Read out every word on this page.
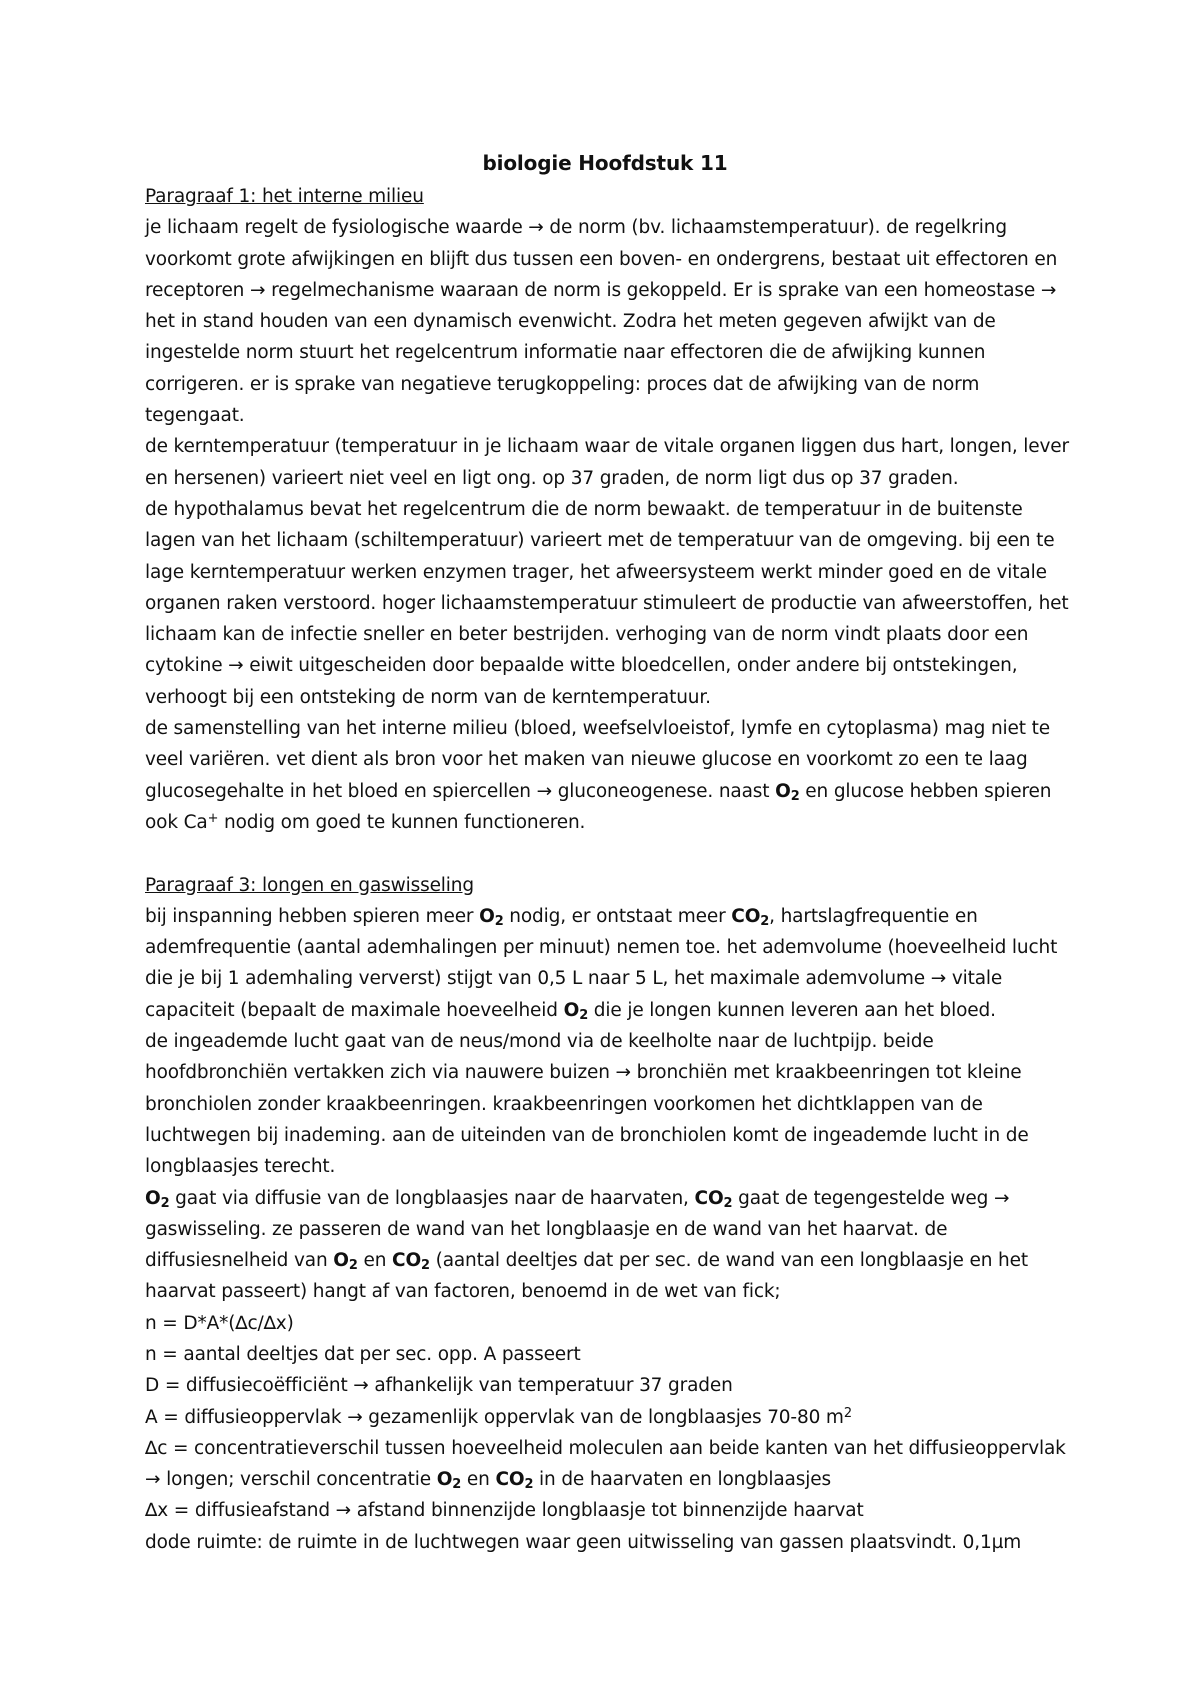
biologie Hoofdstuk 11
Paragraaf 1: het interne milieu
je lichaam regelt de fysiologische waarde → de norm (bv. lichaamstemperatuur). de regelkring
voorkomt grote afwijkingen en blijft dus tussen een boven- en ondergrens, bestaat uit effectoren en
receptoren → regelmechanisme waaraan de norm is gekoppeld. Er is sprake van een homeostase →
het in stand houden van een dynamisch evenwicht. Zodra het meten gegeven afwijkt van de
ingestelde norm stuurt het regelcentrum informatie naar effectoren die de afwijking kunnen
corrigeren. er is sprake van negatieve terugkoppeling: proces dat de afwijking van de norm
tegengaat.
de kerntemperatuur (temperatuur in je lichaam waar de vitale organen liggen dus hart, longen, lever
en hersenen) varieert niet veel en ligt ong. op 37 graden, de norm ligt dus op 37 graden.
de hypothalamus bevat het regelcentrum die de norm bewaakt. de temperatuur in de buitenste
lagen van het lichaam (schiltemperatuur) varieert met de temperatuur van de omgeving. bij een te
lage kerntemperatuur werken enzymen trager, het afweersysteem werkt minder goed en de vitale
organen raken verstoord. hoger lichaamstemperatuur stimuleert de productie van afweerstoffen, het
lichaam kan de infectie sneller en beter bestrijden. verhoging van de norm vindt plaats door een
cytokine → eiwit uitgescheiden door bepaalde witte bloedcellen, onder andere bij ontstekingen,
verhoogt bij een ontsteking de norm van de kerntemperatuur.
de samenstelling van het interne milieu (bloed, weefselvloeistof, lymfe en cytoplasma) mag niet te
veel variëren. vet dient als bron voor het maken van nieuwe glucose en voorkomt zo een te laag
glucosegehalte in het bloed en spiercellen → gluconeogenese. naast $O_2$ en glucose hebben spieren
ook Ca+ nodig om goed te kunnen functioneren.
Paragraaf 3: longen en gaswisseling
bij inspanning hebben spieren meer $O_2$ nodig, er ontstaat meer $CO_2$, hartslagfrequentie en
ademfrequentie (aantal ademhalingen per minuut) nemen toe. het ademvolume (hoeveelheid lucht
die je bij 1 ademhaling ververst) stijgt van 0,5 L naar 5 L, het maximale ademvolume → vitale
capaciteit (bepaalt de maximale hoeveelheid $O_2$ die je longen kunnen leveren aan het bloed.
de ingeademde lucht gaat van de neus/mond via de keelholte naar de luchtpijp. beide
hoofdbronchiën vertakken zich via nauwere buizen → bronchiën met kraakbeenringen tot kleine
bronchiolen zonder kraakbeenringen. kraakbeenringen voorkomen het dichtklappen van de
luchtwegen bij inademing. aan de uiteinden van de bronchiolen komt de ingeademde lucht in de
longblaasjes terecht.
$O_2$ gaat via diffusie van de longblaasjes naar de haarvaten, $CO_2$ gaat de tegengestelde weg →
gaswisseling. ze passeren de wand van het longblaasje en de wand van het haarvat. de
diffusiesnelheid van $O_2$ en $CO_2$ (aantal deeltjes dat per sec. de wand van een longblaasje en het
haarvat passeert) hangt af van factoren, benoemd in de wet van fick;
n = D*A*(∆c/∆x)
n = aantal deeltjes dat per sec. opp. A passeert
D = diffusiecoëfficiënt → afhankelijk van temperatuur 37 graden
A = diffusieoppervlak → gezamenlijk oppervlak van de longblaasjes 70-80 $m^2$
∆c = concentratieverschil tussen hoeveelheid moleculen aan beide kanten van het diffusieoppervlak
→ longen; verschil concentratie $O_2$ en $CO_2$ in de haarvaten en longblaasjes
∆x = diffusieafstand → afstand binnenzijde longblaasje tot binnenzijde haarvat
dode ruimte: de ruimte in de luchtwegen waar geen uitwisseling van gassen plaatsvindt. 0,1µm
